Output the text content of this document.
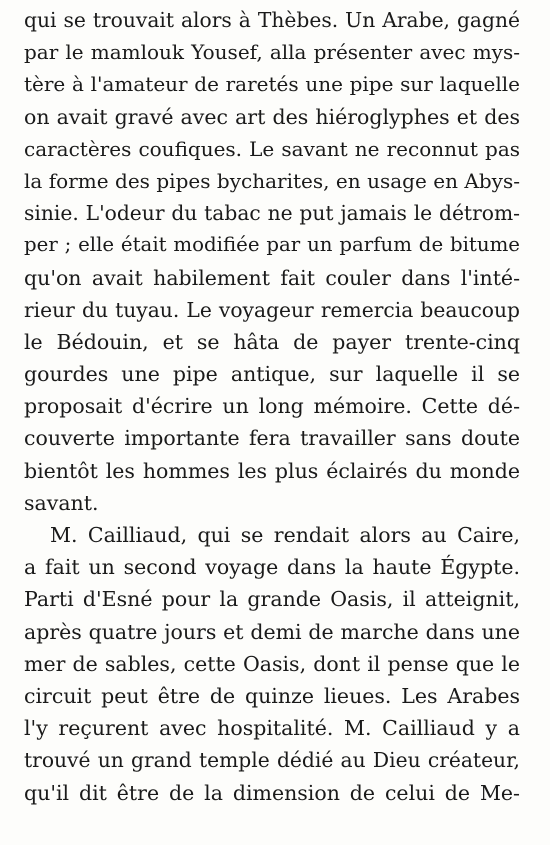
qui se trouvait alors à Thèbes. Un Arabe, gagné
par le mamlouk Yousef, alla présenter avec mys-
tère à l'amateur de raretés une pipe sur laquelle
on avait gravé avec art des hiéroglyphes et des
caractères coufiques. Le savant ne reconnut pas
la forme des pipes bycharites, en usage en Abys-
sinie. L'odeur du tabac ne put jamais le détrom-
per ; elle était modifiée par un parfum de bitume
qu'on avait habilement fait couler dans l'inté-
rieur du tuyau. Le voyageur remercia beaucoup
le Bédouin, et se hâta de payer trente-cinq
gourdes une pipe antique, sur laquelle il se
proposait d'écrire un long mémoire. Cette dé-
couverte importante fera travailler sans doute
bientôt les hommes les plus éclairés du monde
savant.
M. Cailliaud, qui se rendait alors au Caire,
a fait un second voyage dans la haute Égypte.
Parti d'Esné pour la grande Oasis, il atteignit,
après quatre jours et demi de marche dans une
mer de sables, cette Oasis, dont il pense que le
circuit peut être de quinze lieues. Les Arabes
l'y reçurent avec hospitalité. M. Cailliaud y a
trouvé un grand temple dédié au Dieu créateur,
qu'il dit être de la dimension de celui de Me-
